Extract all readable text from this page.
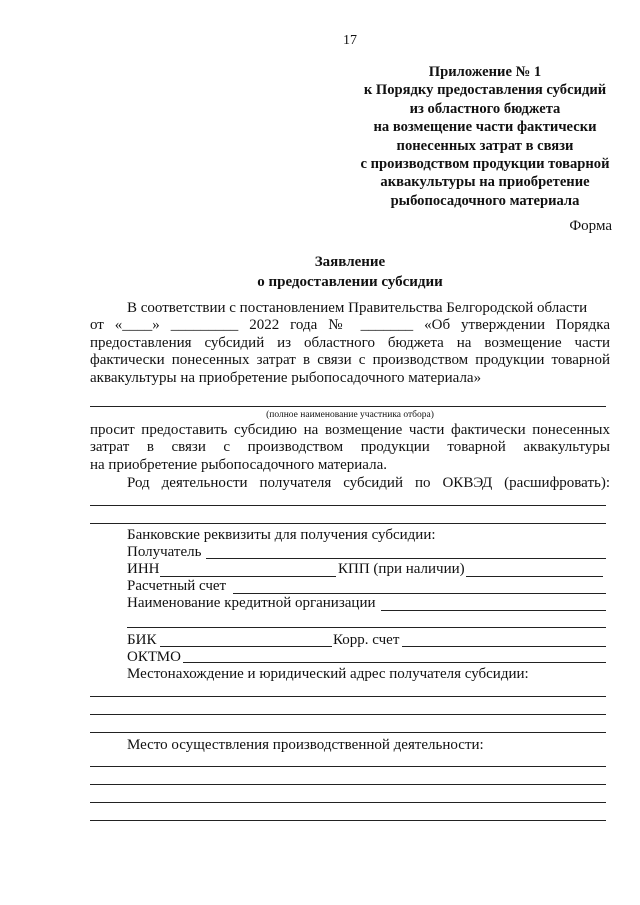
17
Приложение № 1
к Порядку предоставления субсидий
из областного бюджета
на возмещение части фактически
понесенных затрат в связи
с производством продукции товарной
аквакультуры на приобретение
рыбопосадочного материала
Форма
Заявление
о предоставлении субсидии
В соответствии с постановлением Правительства Белгородской области
от «____» _________ 2022 года № _______ «Об утверждении Порядка
предоставления субсидий из областного бюджета на возмещение части
фактически понесенных затрат в связи с производством продукции товарной
аквакультуры на приобретение рыбопосадочного материала»
(полное наименование участника отбора)
просит предоставить субсидию на возмещение части фактически понесенных
затрат в связи с производством продукции товарной аквакультуры
на приобретение рыбопосадочного материала.
Род деятельности получателя субсидий по ОКВЭД (расшифровать):
Банковские реквизиты для получения субсидии:
Получатель
ИНН	КПП (при наличии)
Расчетный счет
Наименование кредитной организации
БИК	Корр. счет
ОКТМО
Местонахождение и юридический адрес получателя субсидии:
Место осуществления производственной деятельности:
